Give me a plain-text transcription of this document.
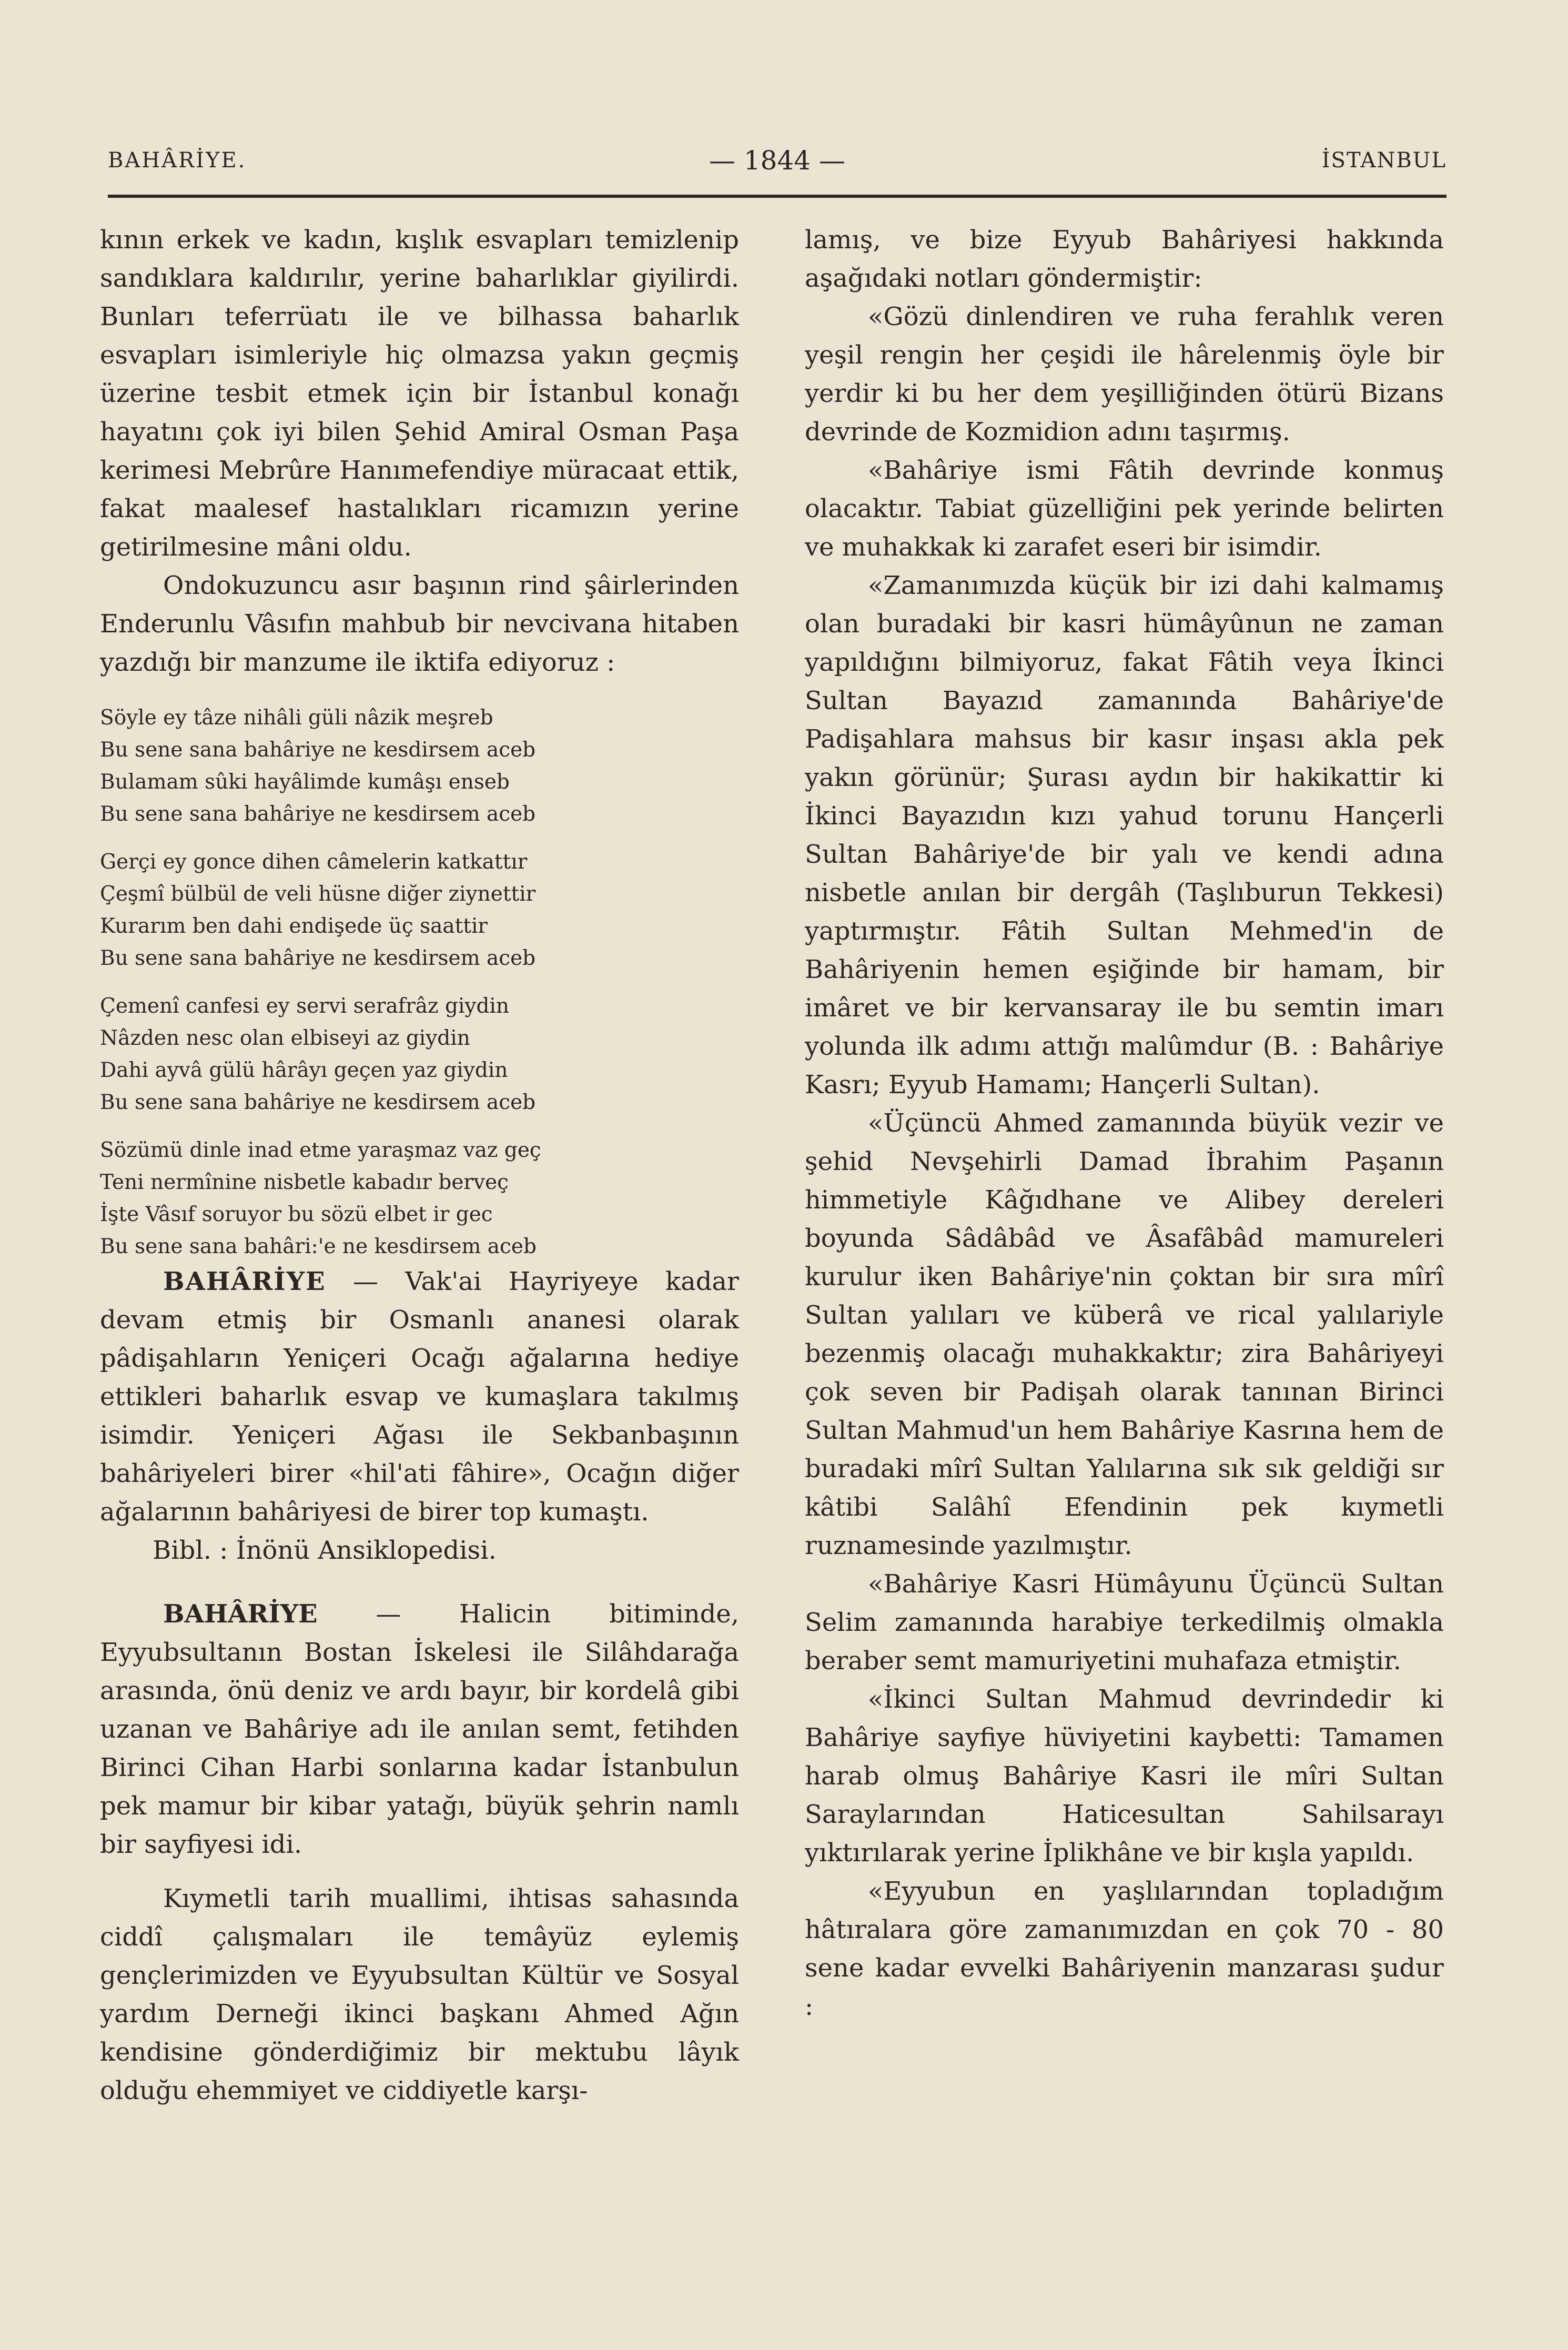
BAHÂRİYE.	— 1844 —	İSTANBUL

kının erkek ve kadın, kışlık esvapları temizlenip sandıklara kaldırılır, yerine baharlıklar giyilirdi. Bunları teferrüatı ile ve bilhassa baharlık esvapları isimleriyle hiç olmazsa yakın geçmiş üzerine tesbit etmek için bir İstanbul konağı hayatını çok iyi bilen Şehid Amiral Osman Paşa kerimesi Mebrûre Hanımefendiye müracaat ettik, fakat maalesef hastalıkları ricamızın yerine getirilmesine mâni oldu.

Ondokuzuncu asır başının rind şâirlerinden Enderunlu Vâsıfın mahbub bir nevcivana hitaben yazdığı bir manzume ile iktifa ediyoruz :

Söyle ey tâze nihâli güli nâzik meşreb
Bu sene sana bahâriye ne kesdirsem aceb
Bulamam sûki hayâlimde kumâşı enseb
Bu sene sana bahâriye ne kesdirsem aceb
Gerçi ey gonce dihen câmelerin katkattır
Çeşmî bülbül de veli hüsne diğer ziynettir
Kurarım ben dahi endişede üç saattir
Bu sene sana bahâriye ne kesdirsem aceb
Çemenî canfesi ey servi serafrâz giydin
Nâzden nesc olan elbiseyi az giydin
Dahi ayvâ gülü hârâyı geçen yaz giydin
Bu sene sana bahâriye ne kesdirsem aceb
Sözümü dinle inad etme yaraşmaz vaz geç
Teni nermînine nisbetle kabadır berveç
İşte Vâsıf soruyor bu sözü elbet ir gec
Bu sene sana bahâri:'e ne kesdirsem aceb

BAHÂRİYE — Vak'ai Hayriyeye kadar devam etmiş bir Osmanlı ananesi olarak pâdişahların Yeniçeri Ocağı ağalarına hediye ettikleri baharlık esvap ve kumaşlara takılmış isimdir. Yeniçeri Ağası ile Sekbanbaşının bahâriyeleri birer «hil'ati fâhire», Ocağın diğer ağalarının bahâriyesi de birer top kumaştı.

Bibl. : İnönü Ansiklopedisi.

BAHÂRİYE — Halicin bitiminde, Eyyubsultanın Bostan İskelesi ile Silâhdarağa arasında, önü deniz ve ardı bayır, bir kordelâ gibi uzanan ve Bahâriye adı ile anılan semt, fetihden Birinci Cihan Harbi sonlarına kadar İstanbulun pek mamur bir kibar yatağı, büyük şehrin namlı bir sayfiyesi idi.

Kıymetli tarih muallimi, ihtisas sahasında ciddî çalışmaları ile temâyüz eylemiş gençlerimizden ve Eyyubsultan Kültür ve Sosyal yardım Derneği ikinci başkanı Ahmed Ağın kendisine gönderdiğimiz bir mektubu lâyık olduğu ehemmiyet ve ciddiyetle karşı-

lamış, ve bize Eyyub Bahâriyesi hakkında aşağıdaki notları göndermiştir:

«Gözü dinlendiren ve ruha ferahlık veren yeşil rengin her çeşidi ile hârelenmiş öyle bir yerdir ki bu her dem yeşilliğinden ötürü Bizans devrinde de Kozmidion adını taşırmış.

«Bahâriye ismi Fâtih devrinde konmuş olacaktır. Tabiat güzelliğini pek yerinde belirten ve muhakkak ki zarafet eseri bir isimdir.

«Zamanımızda küçük bir izi dahi kalmamış olan buradaki bir kasri hümâyûnun ne zaman yapıldığını bilmiyoruz, fakat Fâtih veya İkinci Sultan Bayazıd zamanında Bahâriye'de Padişahlara mahsus bir kasır inşası akla pek yakın görünür; Şurası aydın bir hakikattir ki İkinci Bayazıdın kızı yahud torunu Hançerli Sultan Bahâriye'de bir yalı ve kendi adına nisbetle anılan bir dergâh (Taşlıburun Tekkesi) yaptırmıştır. Fâtih Sultan Mehmed'in de Bahâriyenin hemen eşiğinde bir hamam, bir imâret ve bir kervansaray ile bu semtin imarı yolunda ilk adımı attığı malûmdur (B. : Bahâriye Kasrı; Eyyub Hamamı; Hançerli Sultan).

«Üçüncü Ahmed zamanında büyük vezir ve şehid Nevşehirli Damad İbrahim Paşanın himmetiyle Kâğıdhane ve Alibey dereleri boyunda Sâdâbâd ve Âsafâbâd mamureleri kurulur iken Bahâriye'nin çoktan bir sıra mîrî Sultan yalıları ve küberâ ve rical yalılariyle bezenmiş olacağı muhakkaktır; zira Bahâriyeyi çok seven bir Padişah olarak tanınan Birinci Sultan Mahmud'un hem Bahâriye Kasrına hem de buradaki mîrî Sultan Yalılarına sık sık geldiği sır kâtibi Salâhî Efendinin pek kıymetli ruznamesinde yazılmıştır.

«Bahâriye Kasri Hümâyunu Üçüncü Sultan Selim zamanında harabiye terkedilmiş olmakla beraber semt mamuriyetini muhafaza etmiştir.

«İkinci Sultan Mahmud devrindedir ki Bahâriye sayfiye hüviyetini kaybetti: Tamamen harab olmuş Bahâriye Kasri ile mîri Sultan Saraylarından Haticesultan Sahilsarayı yıktırılarak yerine İplikhâne ve bir kışla yapıldı.

«Eyyubun en yaşlılarından topladığım hâtıralara göre zamanımızdan en çok 70 - 80 sene kadar evvelki Bahâriyenin manzarası şudur :
